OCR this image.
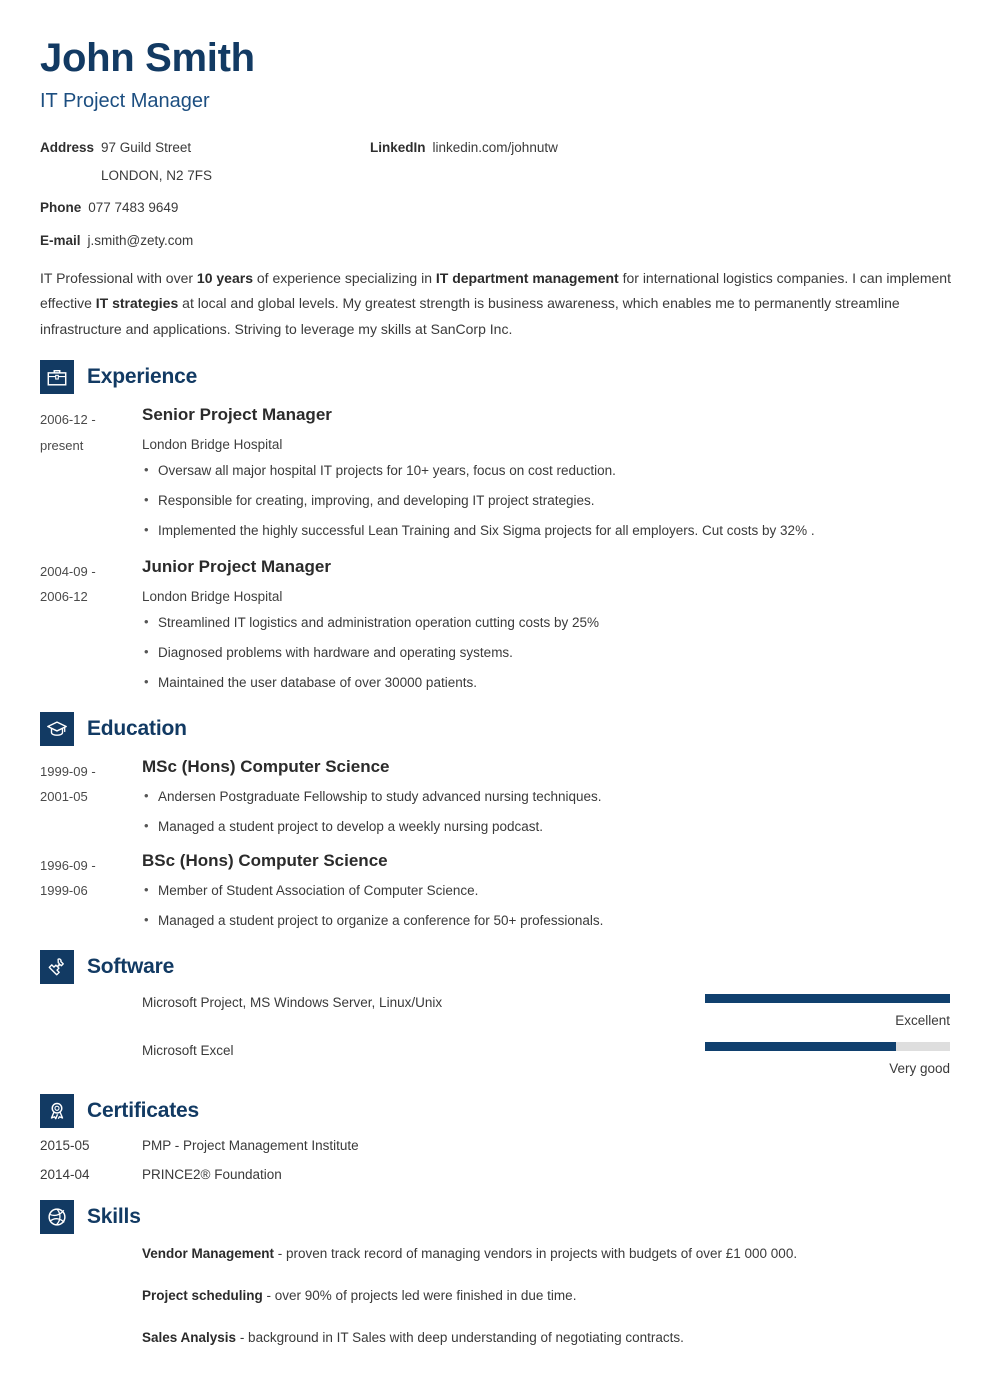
John Smith
IT Project Manager
Address 97 Guild Street
LONDON, N2 7FS
Phone 077 7483 9649
E-mail j.smith@zety.com
LinkedIn linkedin.com/johnutw
IT Professional with over 10 years of experience specializing in IT department management for international logistics companies. I can implement effective IT strategies at local and global levels. My greatest strength is business awareness, which enables me to permanently streamline infrastructure and applications. Striving to leverage my skills at SanCorp Inc.
Experience
2006-12 -
present
Senior Project Manager
London Bridge Hospital
• Oversaw all major hospital IT projects for 10+ years, focus on cost reduction.
• Responsible for creating, improving, and developing IT project strategies.
• Implemented the highly successful Lean Training and Six Sigma projects for all employers. Cut costs by 32% .
2004-09 -
2006-12
Junior Project Manager
London Bridge Hospital
• Streamlined IT logistics and administration operation cutting costs by 25%
• Diagnosed problems with hardware and operating systems.
• Maintained the user database of over 30000 patients.
Education
1999-09 -
2001-05
MSc (Hons) Computer Science
• Andersen Postgraduate Fellowship to study advanced nursing techniques.
• Managed a student project to develop a weekly nursing podcast.
1996-09 -
1999-06
BSc (Hons) Computer Science
• Member of Student Association of Computer Science.
• Managed a student project to organize a conference for 50+ professionals.
Software
Microsoft Project, MS Windows Server, Linux/Unix
Excellent
Microsoft Excel
Very good
Certificates
2015-05	PMP - Project Management Institute
2014-04	PRINCE2® Foundation
Skills
Vendor Management - proven track record of managing vendors in projects with budgets of over £1 000 000.
Project scheduling - over 90% of projects led were finished in due time.
Sales Analysis - background in IT Sales with deep understanding of negotiating contracts.
